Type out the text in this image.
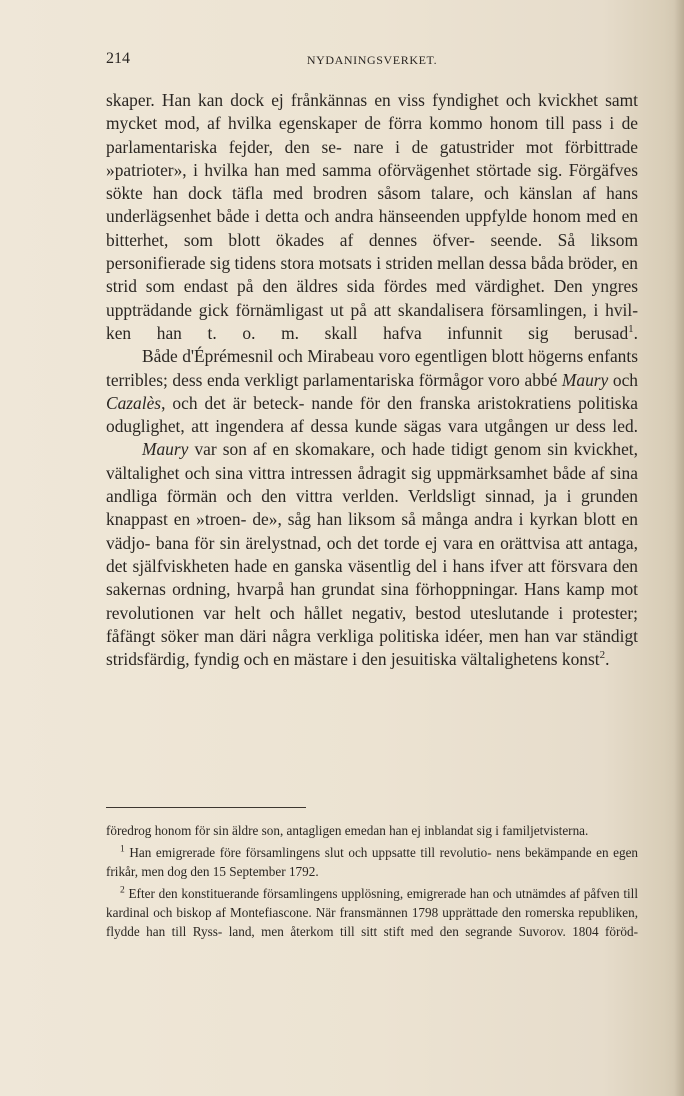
214	NYDANINGSVERKET.

skaper. Han kan dock ej frånkännas en viss fyndighet och kvickhet samt mycket mod, af hvilka egenskaper de förra kommo honom till pass i de parlamentariska fejder, den se- nare i de gatustrider mot förbittrade »patrioter», i hvilka han med samma oförvägenhet störtade sig. Förgäfves sökte han dock täfla med brodren såsom talare, och känslan af hans underlägsenhet både i detta och andra hänseenden uppfylde honom med en bitterhet, som blott ökades af dennes öfver- seende. Så liksom personifierade sig tidens stora motsats i striden mellan dessa båda bröder, en strid som endast på den äldres sida fördes med värdighet. Den yngres uppträdande gick förnämligast ut på att skandalisera församlingen, i hvil- ken han t. o. m. skall hafva infunnit sig berusad$^1$.

Både d'Éprémesnil och Mirabeau voro egentligen blott högerns enfants terribles; dess enda verkligt parlamentariska förmågor voro abbé Maury och Cazalès, och det är beteck- nande för den franska aristokratiens politiska oduglighet, att ingendera af dessa kunde sägas vara utgången ur dess led.

Maury var son af en skomakare, och hade tidigt genom sin kvickhet, vältalighet och sina vittra intressen ådragit sig uppmärksamhet både af sina andliga förmän och den vittra verlden. Verldsligt sinnad, ja i grunden knappast en »troen- de», såg han liksom så många andra i kyrkan blott en vädjo- bana för sin ärelystnad, och det torde ej vara en orättvisa att antaga, det själfviskheten hade en ganska väsentlig del i hans ifver att försvara den sakernas ordning, hvarpå han grundat sina förhoppningar. Hans kamp mot revolutionen var helt och hållet negativ, bestod uteslutande i protester; fåfängt söker man däri några verkliga politiska idéer, men han var ständigt stridsfärdig, fyndig och en mästare i den jesuitiska vältalighetens konst$^2$.

föredrog honom för sin äldre son, antagligen emedan han ej inblandat sig i familjetvisterna.

$^1$ Han emigrerade före församlingens slut och uppsatte till revolutio- nens bekämpande en egen frikår, men dog den 15 September 1792.

$^2$ Efter den konstituerande församlingens upplösning, emigrerade han och utnämdes af påfven till kardinal och biskop af Montefiascone. När fransmännen 1798 upprättade den romerska republiken, flydde han till Ryss- land, men återkom till sitt stift med den segrande Suvorov. 1804 föröd-
